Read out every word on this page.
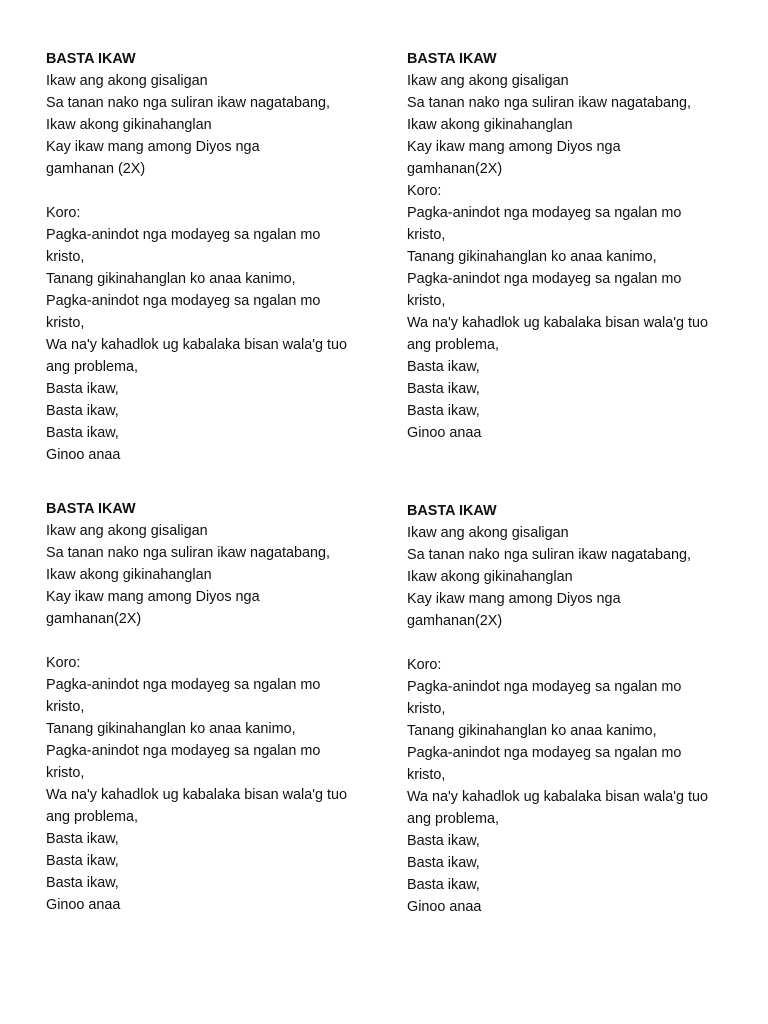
BASTA IKAW
Ikaw ang akong gisaligan
Sa tanan nako nga suliran ikaw nagatabang,
Ikaw akong gikinahanglan
Kay ikaw mang among Diyos nga
gamhanan (2X)
Koro:
Pagka-anindot nga modayeg sa ngalan mo
kristo,
Tanang gikinahanglan ko anaa kanimo,
Pagka-anindot nga modayeg sa ngalan mo
kristo,
Wa na'y kahadlok ug kabalaka bisan wala'g tuo
ang problema,
Basta ikaw,
Basta ikaw,
Basta ikaw,
Ginoo anaa
BASTA IKAW
Ikaw ang akong gisaligan
Sa tanan nako nga suliran ikaw nagatabang,
Ikaw akong gikinahanglan
Kay ikaw mang among Diyos nga
gamhanan(2X)
Koro:
Pagka-anindot nga modayeg sa ngalan mo
kristo,
Tanang gikinahanglan ko anaa kanimo,
Pagka-anindot nga modayeg sa ngalan mo
kristo,
Wa na'y kahadlok ug kabalaka bisan wala'g tuo
ang problema,
Basta ikaw,
Basta ikaw,
Basta ikaw,
Ginoo anaa
BASTA IKAW
Ikaw ang akong gisaligan
Sa tanan nako nga suliran ikaw nagatabang,
Ikaw akong gikinahanglan
Kay ikaw mang among Diyos nga
gamhanan(2X)
Koro:
Pagka-anindot nga modayeg sa ngalan mo
kristo,
Tanang gikinahanglan ko anaa kanimo,
Pagka-anindot nga modayeg sa ngalan mo
kristo,
Wa na'y kahadlok ug kabalaka bisan wala'g tuo
ang problema,
Basta ikaw,
Basta ikaw,
Basta ikaw,
Ginoo anaa
BASTA IKAW
Ikaw ang akong gisaligan
Sa tanan nako nga suliran ikaw nagatabang,
Ikaw akong gikinahanglan
Kay ikaw mang among Diyos nga
gamhanan(2X)
Koro:
Pagka-anindot nga modayeg sa ngalan mo
kristo,
Tanang gikinahanglan ko anaa kanimo,
Pagka-anindot nga modayeg sa ngalan mo
kristo,
Wa na'y kahadlok ug kabalaka bisan wala'g tuo
ang problema,
Basta ikaw,
Basta ikaw,
Basta ikaw,
Ginoo anaa
